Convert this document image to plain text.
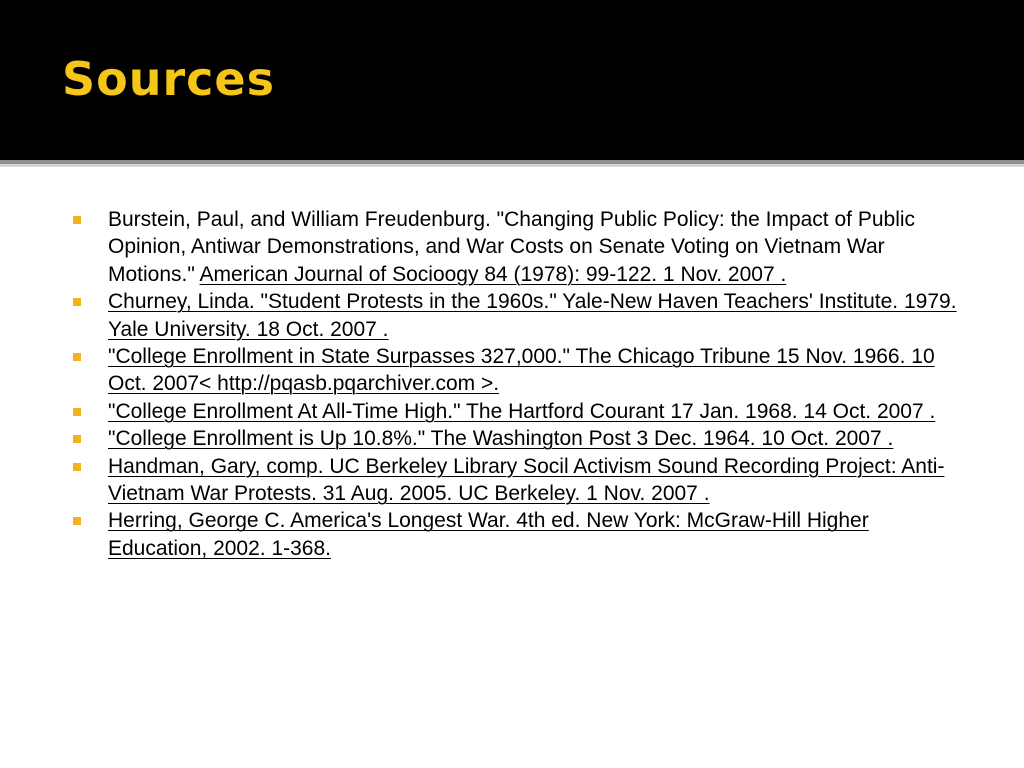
Sources
Burstein, Paul, and William Freudenburg. "Changing Public Policy: the Impact of Public Opinion, Antiwar Demonstrations, and War Costs on Senate Voting on Vietnam War Motions." American Journal of Socioogy 84 (1978): 99-122. 1 Nov. 2007 .
Churney, Linda. "Student Protests in the 1960s." Yale-New Haven Teachers' Institute. 1979. Yale University. 18 Oct. 2007 .
"College Enrollment in State Surpasses 327,000." The Chicago Tribune 15 Nov. 1966. 10 Oct. 2007< http://pqasb.pqarchiver.com >.
"College Enrollment At All-Time High." The Hartford Courant 17 Jan. 1968. 14 Oct. 2007 .
"College Enrollment is Up 10.8%." The Washington Post 3 Dec. 1964. 10 Oct. 2007 .
Handman, Gary, comp. UC Berkeley Library Socil Activism Sound Recording Project: Anti-Vietnam War Protests. 31 Aug. 2005. UC Berkeley. 1 Nov. 2007 .
Herring, George C. America's Longest War. 4th ed. New York: McGraw-Hill Higher Education, 2002. 1-368.
